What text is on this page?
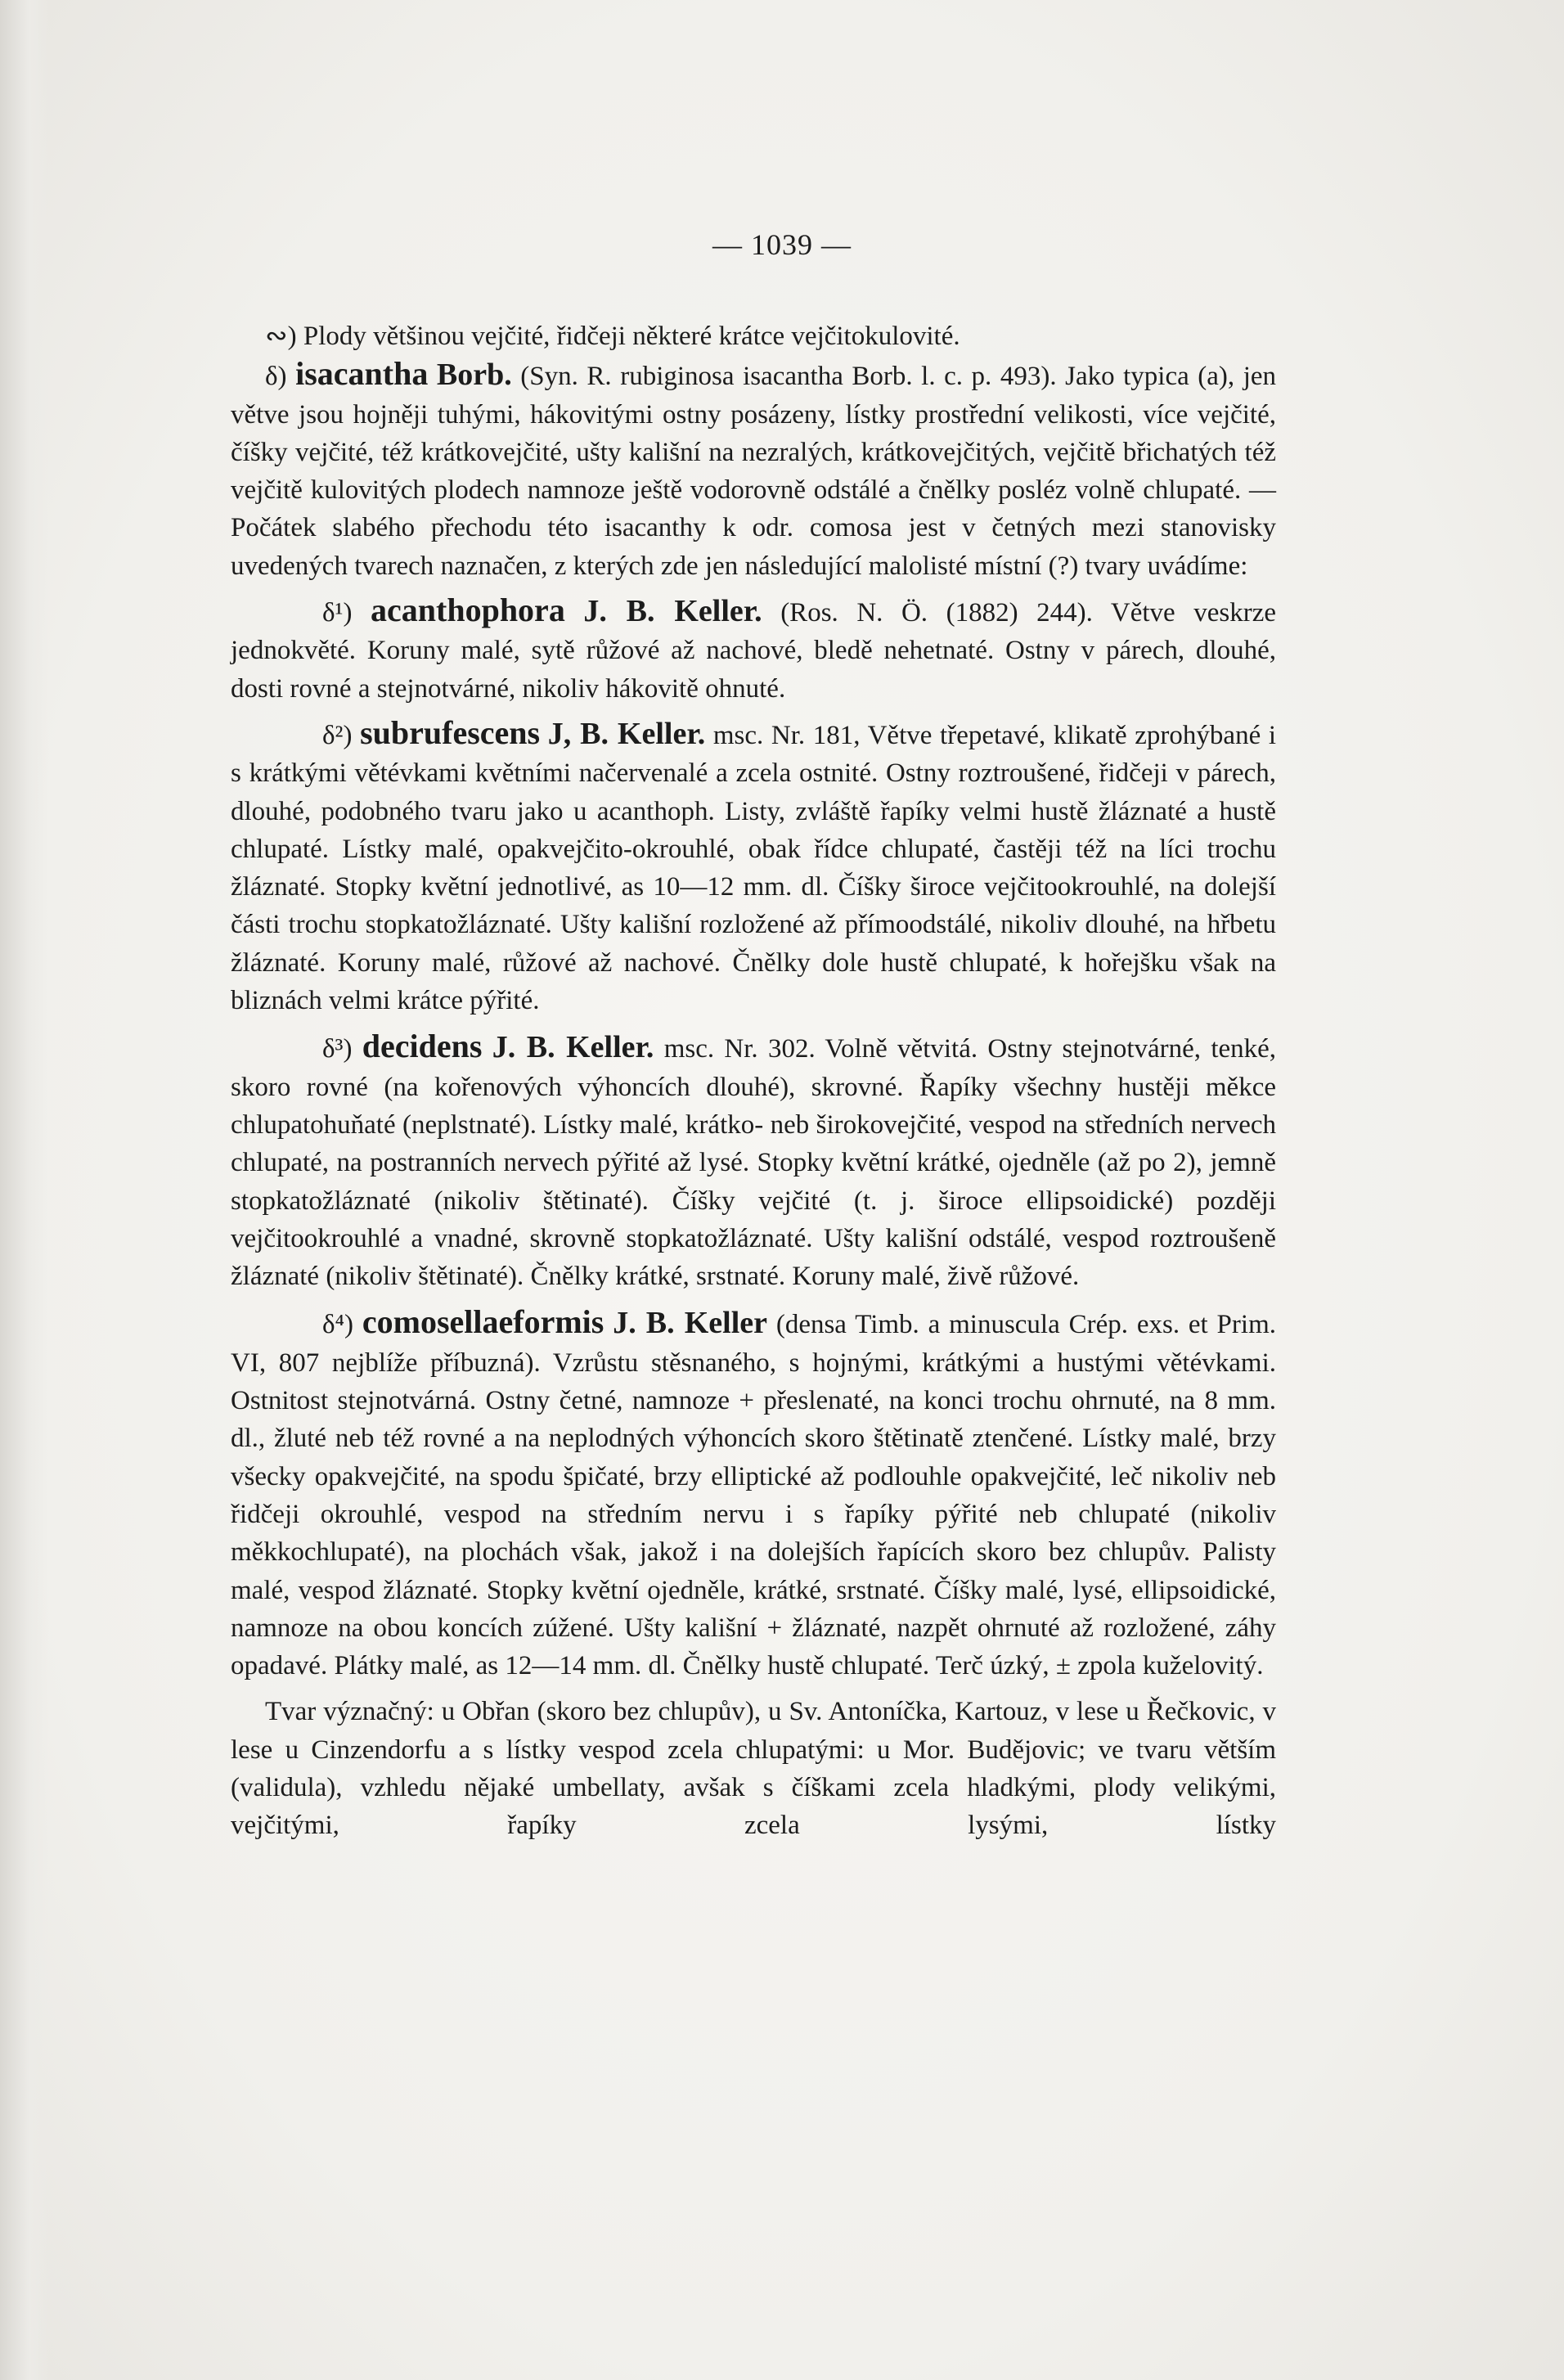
— 1039 —

∾) Plody většinou vejčité, řidčeji některé krátce vejčitokulovité.

δ) isacantha Borb. (Syn. R. rubiginosa isacantha Borb. l. c. p. 493). Jako typica (a), jen větve jsou hojněji tuhými, hákovitými ostny posázeny, lístky prostřední velikosti, více vejčité, číšky vejčité, též krátkovejčité, ušty kališní na nezralých, krátkovejčitých, vejčitě břichatých též vejčitě kulovitých plodech namnoze ještě vodorovně odstálé a čnělky posléz volně chlupaté. — Počátek slabého přechodu této isacanthy k odr. comosa jest v četných mezi stanovisky uvedených tvarech naznačen, z kterých zde jen následující malolisté místní (?) tvary uvádíme:

δ¹) acanthophora J. B. Keller. (Ros. N. Ö. (1882) 244). Větve veskrze jednokvěté. Koruny malé, sytě růžové až nachové, bledě nehetnaté. Ostny v párech, dlouhé, dosti rovné a stejnotvárné, nikoliv hákovitě ohnuté.

δ²) subrufescens J, B. Keller. msc. Nr. 181, Větve třepetavé, klikatě zprohýbané i s krátkými větévkami květními načervenalé a zcela ostnité. Ostny roztroušené, řidčeji v párech, dlouhé, podobného tvaru jako u acanthoph. Listy, zvláště řapíky velmi hustě žláznaté a hustě chlupaté. Lístky malé, opakvejčito-okrouhlé, obak řídce chlupaté, častěji též na líci trochu žláznaté. Stopky květní jednotlivé, as 10—12 mm. dl. Číšky široce vejčitookrouhlé, na dolejší části trochu stopkatožláznaté. Ušty kališní rozložené až přímoodstálé, nikoliv dlouhé, na hřbetu žláznaté. Koruny malé, růžové až nachové. Čnělky dole hustě chlupaté, k hořejšku však na bliznách velmi krátce pýřité.

δ³) decidens J. B. Keller. msc. Nr. 302. Volně větvitá. Ostny stejnotvárné, tenké, skoro rovné (na kořenových výhoncích dlouhé), skrovné. Řapíky všechny hustěji měkce chlupatohuňaté (neplstnaté). Lístky malé, krátko- neb širokovejčité, vespod na středních nervech chlupaté, na postranních nervech pýřité až lysé. Stopky květní krátké, ojedněle (až po 2), jemně stopkatožláznaté (nikoliv štětinaté). Číšky vejčité (t. j. široce ellipsoidické) později vejčitookrouhlé a vnadné, skrovně stopkatožláznaté. Ušty kališní odstálé, vespod roztroušeně žláznaté (nikoliv štětinaté). Čnělky krátké, srstnaté. Koruny malé, živě růžové.

δ⁴) comosellaeformis J. B. Keller (densa Timb. a minuscula Crép. exs. et Prim. VI, 807 nejblíže příbuzná). Vzrůstu stěsnaného, s hojnými, krátkými a hustými větévkami. Ostnitost stejnotvárná. Ostny četné, namnoze + přeslenaté, na konci trochu ohrnuté, na 8 mm. dl., žluté neb též rovné a na neplodných výhoncích skoro štětinatě ztenčené. Lístky malé, brzy všecky opakvejčité, na spodu špičaté, brzy elliptické až podlouhle opakvejčité, leč nikoliv neb řidčeji okrouhlé, vespod na středním nervu i s řapíky pýřité neb chlupaté (nikoliv měkkochlupaté), na plochách však, jakož i na dolejších řapících skoro bez chlupův. Palisty malé, vespod žláznaté. Stopky květní ojedněle, krátké, srstnaté. Číšky malé, lysé, ellipsoidické, namnoze na obou koncích zúžené. Ušty kališní + žláznaté, nazpět ohrnuté až rozložené, záhy opadavé. Plátky malé, as 12—14 mm. dl. Čnělky hustě chlupaté. Terč úzký, ± zpola kuželovitý.

Tvar význačný: u Obřan (skoro bez chlupův), u Sv. Antoníčka, Kartouz, v lese u Řečkovic, v lese u Cinzendorfu a s lístky vespod zcela chlupatými: u Mor. Budějovic; ve tvaru větším (validula), vzhledu nějaké umbellaty, avšak s číškami zcela hladkými, plody velikými, vejčitými, řapíky zcela lysými, lístky
